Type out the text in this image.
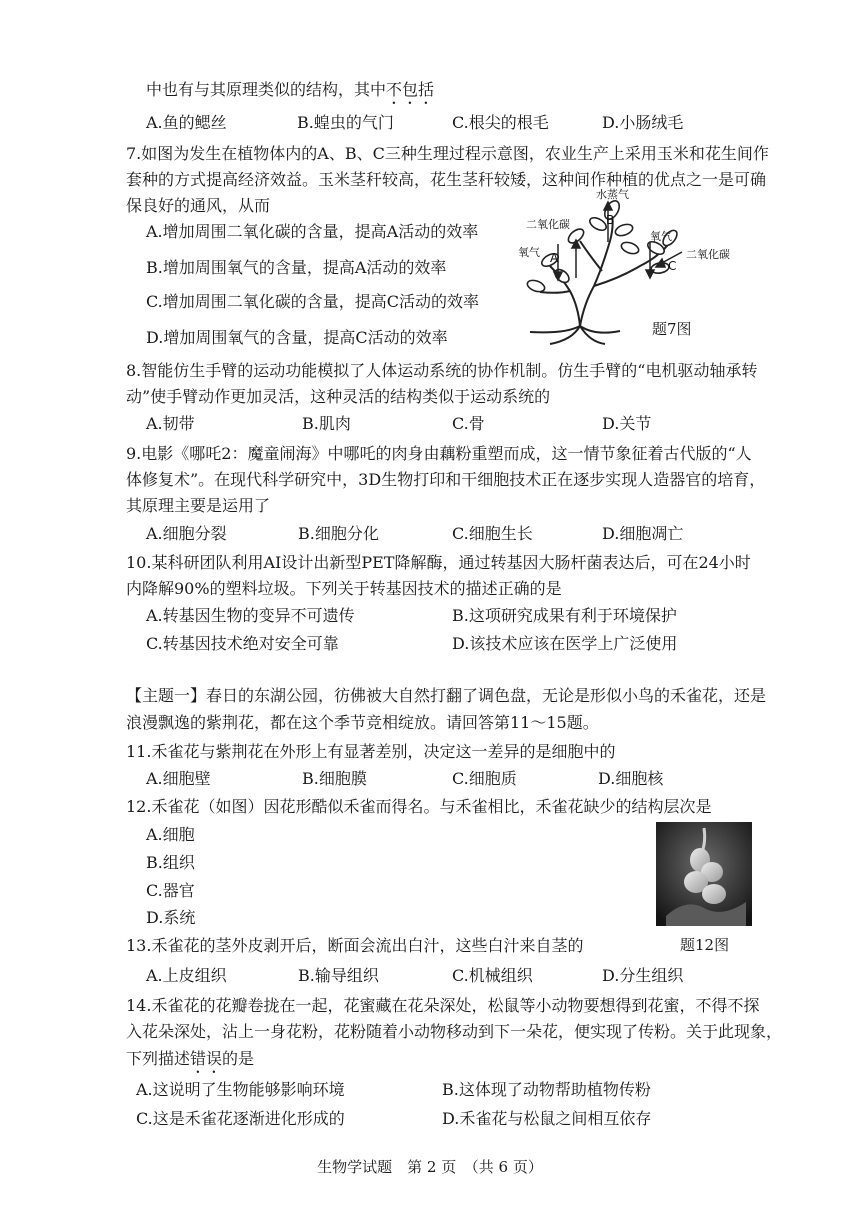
中也有与其原理类似的结构，其中不包括
A.鱼的鳃丝	B.蝗虫的气门	C.根尖的根毛	D.小肠绒毛
7.如图为发生在植物体内的A、B、C三种生理过程示意图，农业生产上采用玉米和花生间作
套种的方式提高经济效益。玉米茎秆较高，花生茎秆较矮，这种间作种植的优点之一是可确
保良好的通风，从而
A.增加周围二氧化碳的含量，提高A活动的效率
B.增加周围氧气的含量，提高A活动的效率
C.增加周围二氧化碳的含量，提高C活动的效率
D.增加周围氧气的含量，提高C活动的效率
水蒸气
B
二氧化碳
氧气 A
氧气
C
二氧化碳
题7图
8.智能仿生手臂的运动功能模拟了人体运动系统的协作机制。仿生手臂的“电机驱动轴承转
动”使手臂动作更加灵活，这种灵活的结构类似于运动系统的
A.韧带	B.肌肉	C.骨	D.关节
9.电影《哪吒2：魔童闹海》中哪吒的肉身由藕粉重塑而成，这一情节象征着古代版的“人
体修复术”。在现代科学研究中，3D生物打印和干细胞技术正在逐步实现人造器官的培育，
其原理主要是运用了
A.细胞分裂	B.细胞分化	C.细胞生长	D.细胞凋亡
10.某科研团队利用AI设计出新型PET降解酶，通过转基因大肠杆菌表达后，可在24小时
内降解90%的塑料垃圾。下列关于转基因技术的描述正确的是
A.转基因生物的变异不可遗传	B.这项研究成果有利于环境保护
C.转基因技术绝对安全可靠	D.该技术应该在医学上广泛使用
【主题一】春日的东湖公园，彷佛被大自然打翻了调色盘，无论是形似小鸟的禾雀花，还是
浪漫飘逸的紫荆花，都在这个季节竞相绽放。请回答第11～15题。
11.禾雀花与紫荆花在外形上有显著差别，决定这一差异的是细胞中的
A.细胞壁	B.细胞膜	C.细胞质	D.细胞核
12.禾雀花（如图）因花形酷似禾雀而得名。与禾雀相比，禾雀花缺少的结构层次是
A.细胞
B.组织
C.器官
D.系统
题12图
13.禾雀花的茎外皮剥开后，断面会流出白汁，这些白汁来自茎的
A.上皮组织	B.输导组织	C.机械组织	D.分生组织
14.禾雀花的花瓣卷拢在一起，花蜜藏在花朵深处，松鼠等小动物要想得到花蜜，不得不探
入花朵深处，沾上一身花粉，花粉随着小动物移动到下一朵花，便实现了传粉。关于此现象，
下列描述错误的是
A.这说明了生物能够影响环境	B.这体现了动物帮助植物传粉
C.这是禾雀花逐渐进化形成的	D.禾雀花与松鼠之间相互依存
生物学试题　第 2 页　（共 6 页）
